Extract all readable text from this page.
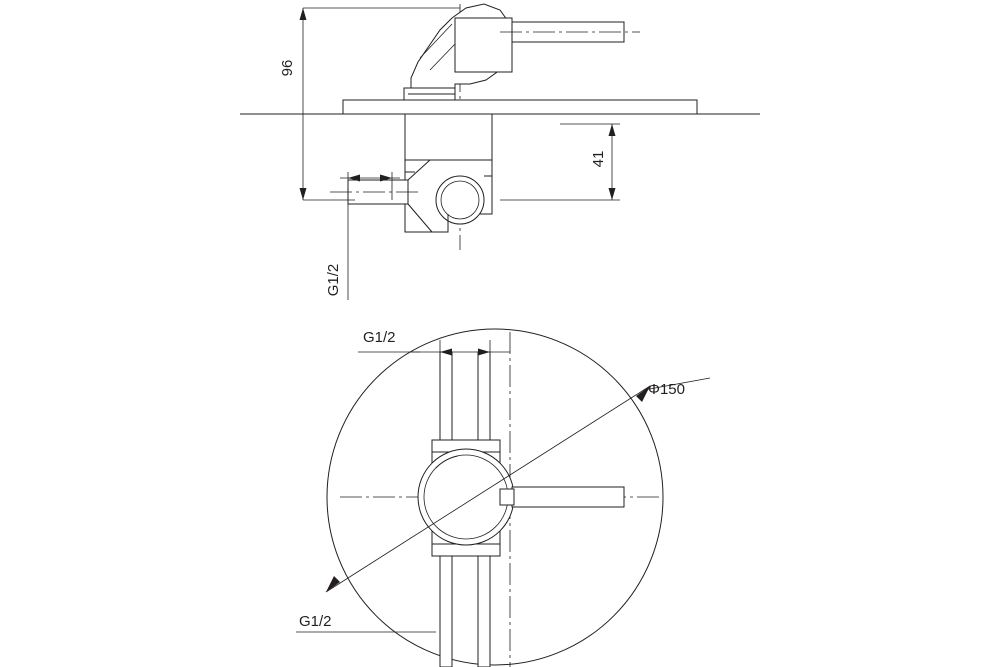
96
41
G1/2
G1/2
Φ150
G1/2
